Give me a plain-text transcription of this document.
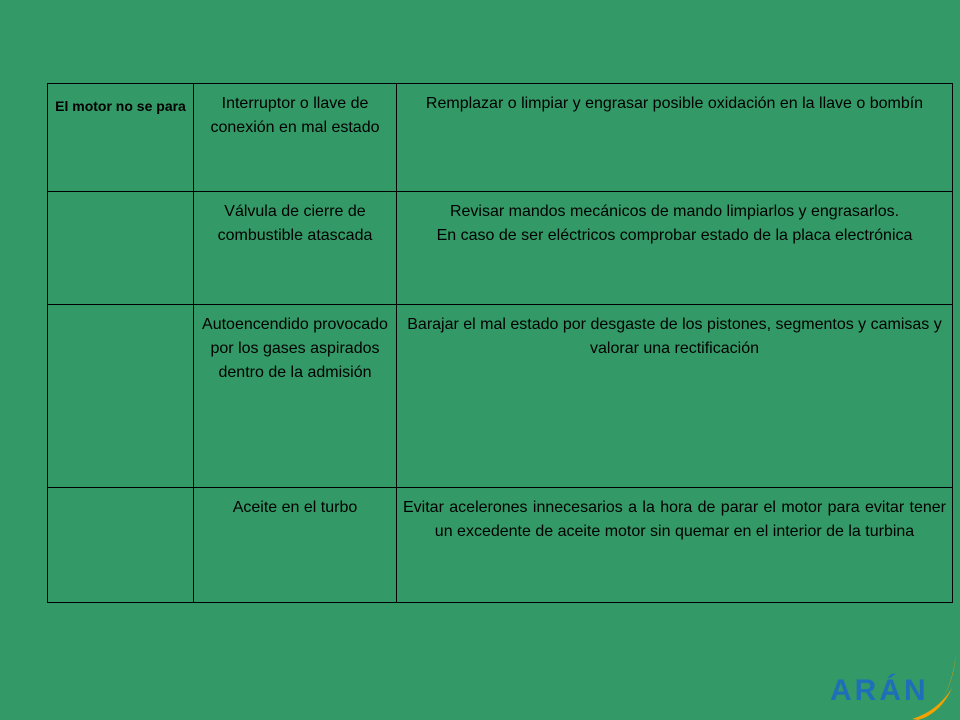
El motor no se para	Interruptor o llave de conexión en mal estado	Remplazar o limpiar y engrasar posible oxidación en la llave o bombín

	Válvula de cierre de combustible atascada	Revisar mandos mecánicos de mando limpiarlos y engrasarlos.
En caso de ser eléctricos comprobar estado de la placa electrónica

	Autoencendido provocado por los gases aspirados dentro de la admisión	Barajar el mal estado por desgaste de los pistones, segmentos y camisas y valorar una rectificación

	Aceite en el turbo	Evitar acelerones innecesarios a la hora de parar el motor para evitar tener un excedente de aceite motor sin quemar en el interior de la turbina
ARÁN
